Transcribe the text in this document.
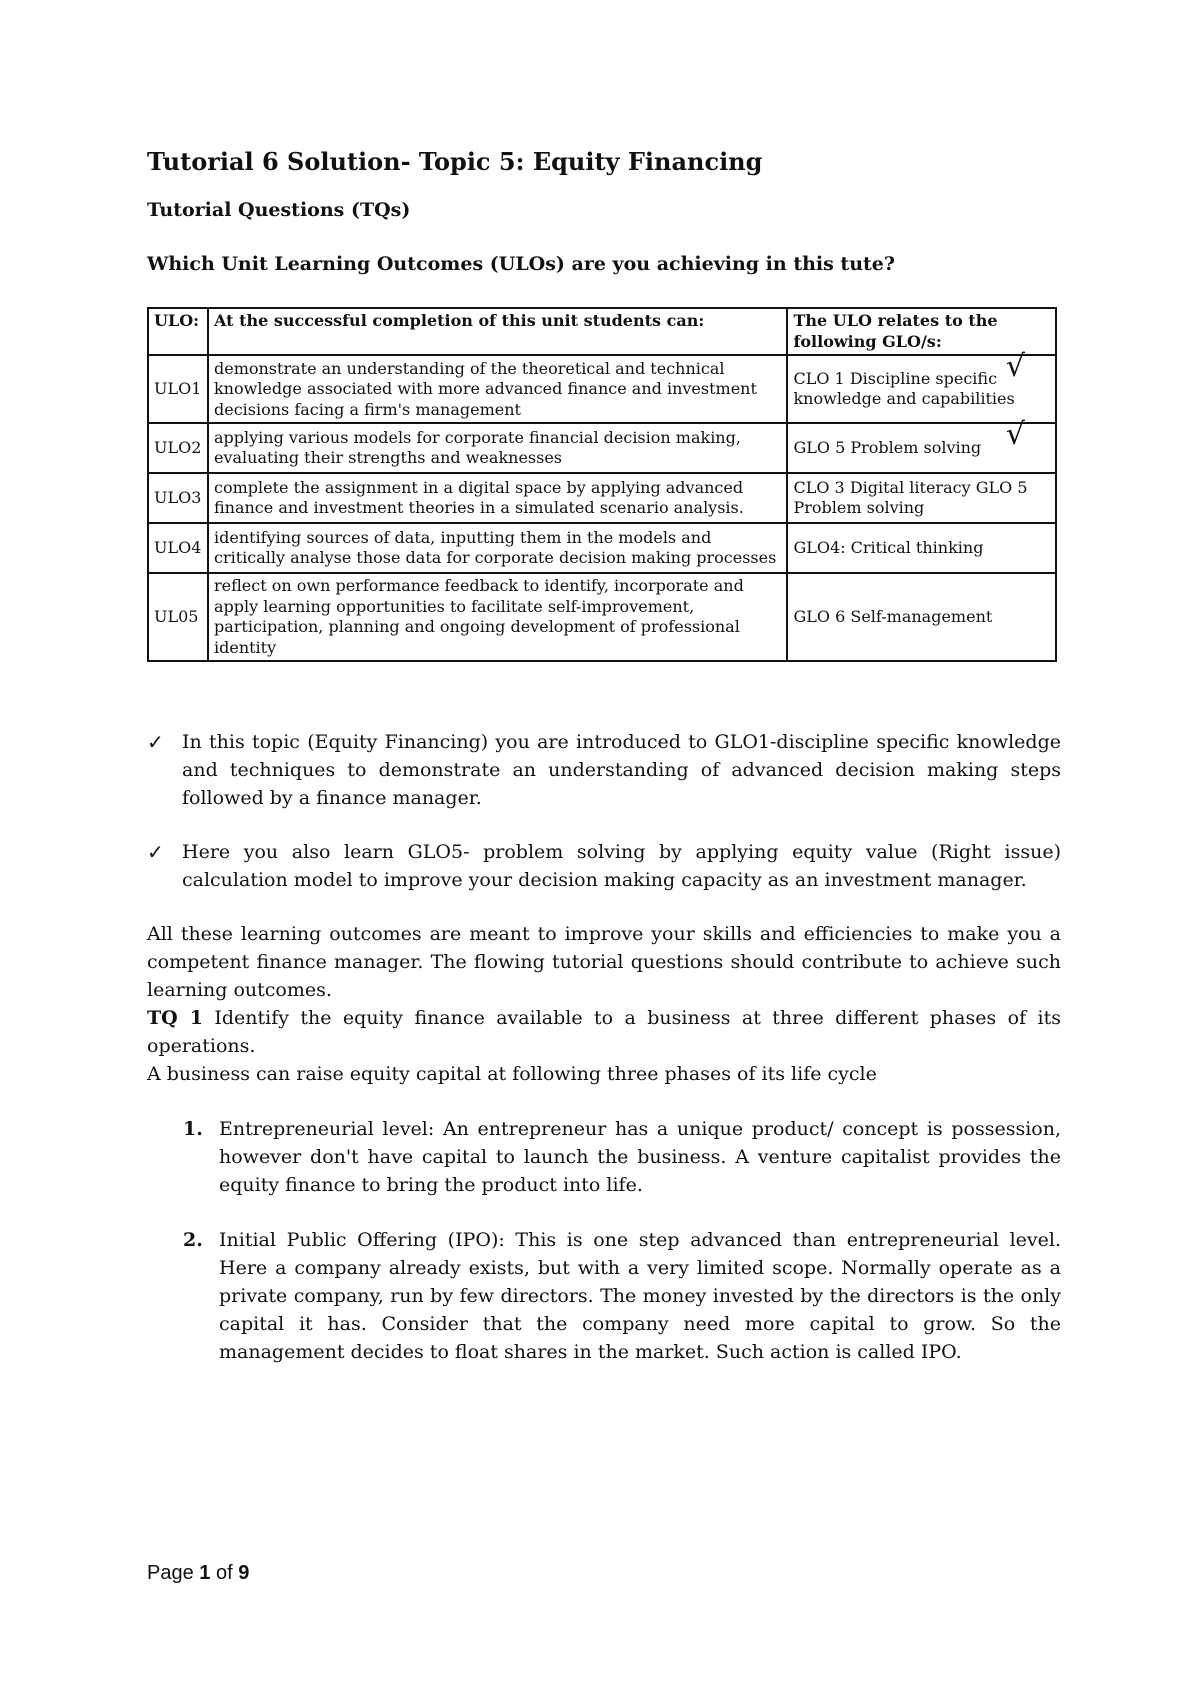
Tutorial 6 Solution- Topic 5: Equity Financing
Tutorial Questions (TQs)
Which Unit Learning Outcomes (ULOs) are you achieving in this tute?
ULO:	At the successful completion of this unit students can:	The ULO relates to the following GLO/s:
ULO1	demonstrate an understanding of the theoretical and technical knowledge associated with more advanced finance and investment decisions facing a firm's management	CLO 1 Discipline specific knowledge and capabilities
√

ULO2	applying various models for corporate financial decision making, evaluating their strengths and weaknesses	GLO 5 Problem solving √

ULO3	complete the assignment in a digital space by applying advanced finance and investment theories in a simulated scenario analysis.	CLO 3 Digital literacy GLO 5 Problem solving
ULO4	identifying sources of data, inputting them in the models and critically analyse those data for corporate decision making processes	GLO4: Critical thinking
UL05	reflect on own performance feedback to identify, incorporate and apply learning opportunities to facilitate self-improvement, participation, planning and ongoing development of professional identity	GLO 6 Self-management
✓ In this topic (Equity Financing) you are introduced to GLO1-discipline specific knowledge and techniques to demonstrate an understanding of advanced decision making steps followed by a finance manager.
✓ Here you also learn GLO5- problem solving by applying equity value (Right issue) calculation model to improve your decision making capacity as an investment manager.

All these learning outcomes are meant to improve your skills and efficiencies to make you a competent finance manager. The flowing tutorial questions should contribute to achieve such learning outcomes.

TQ 1 Identify the equity finance available to a business at three different phases of its operations.

A business can raise equity capital at following three phases of its life cycle

1. Entrepreneurial level: An entrepreneur has a unique product/ concept is possession, however don't have capital to launch the business. A venture capitalist provides the equity finance to bring the product into life.
2. Initial Public Offering (IPO): This is one step advanced than entrepreneurial level. Here a company already exists, but with a very limited scope. Normally operate as a private company, run by few directors. The money invested by the directors is the only capital it has. Consider that the company need more capital to grow. So the management decides to float shares in the market. Such action is called IPO.
Page 1 of 9
